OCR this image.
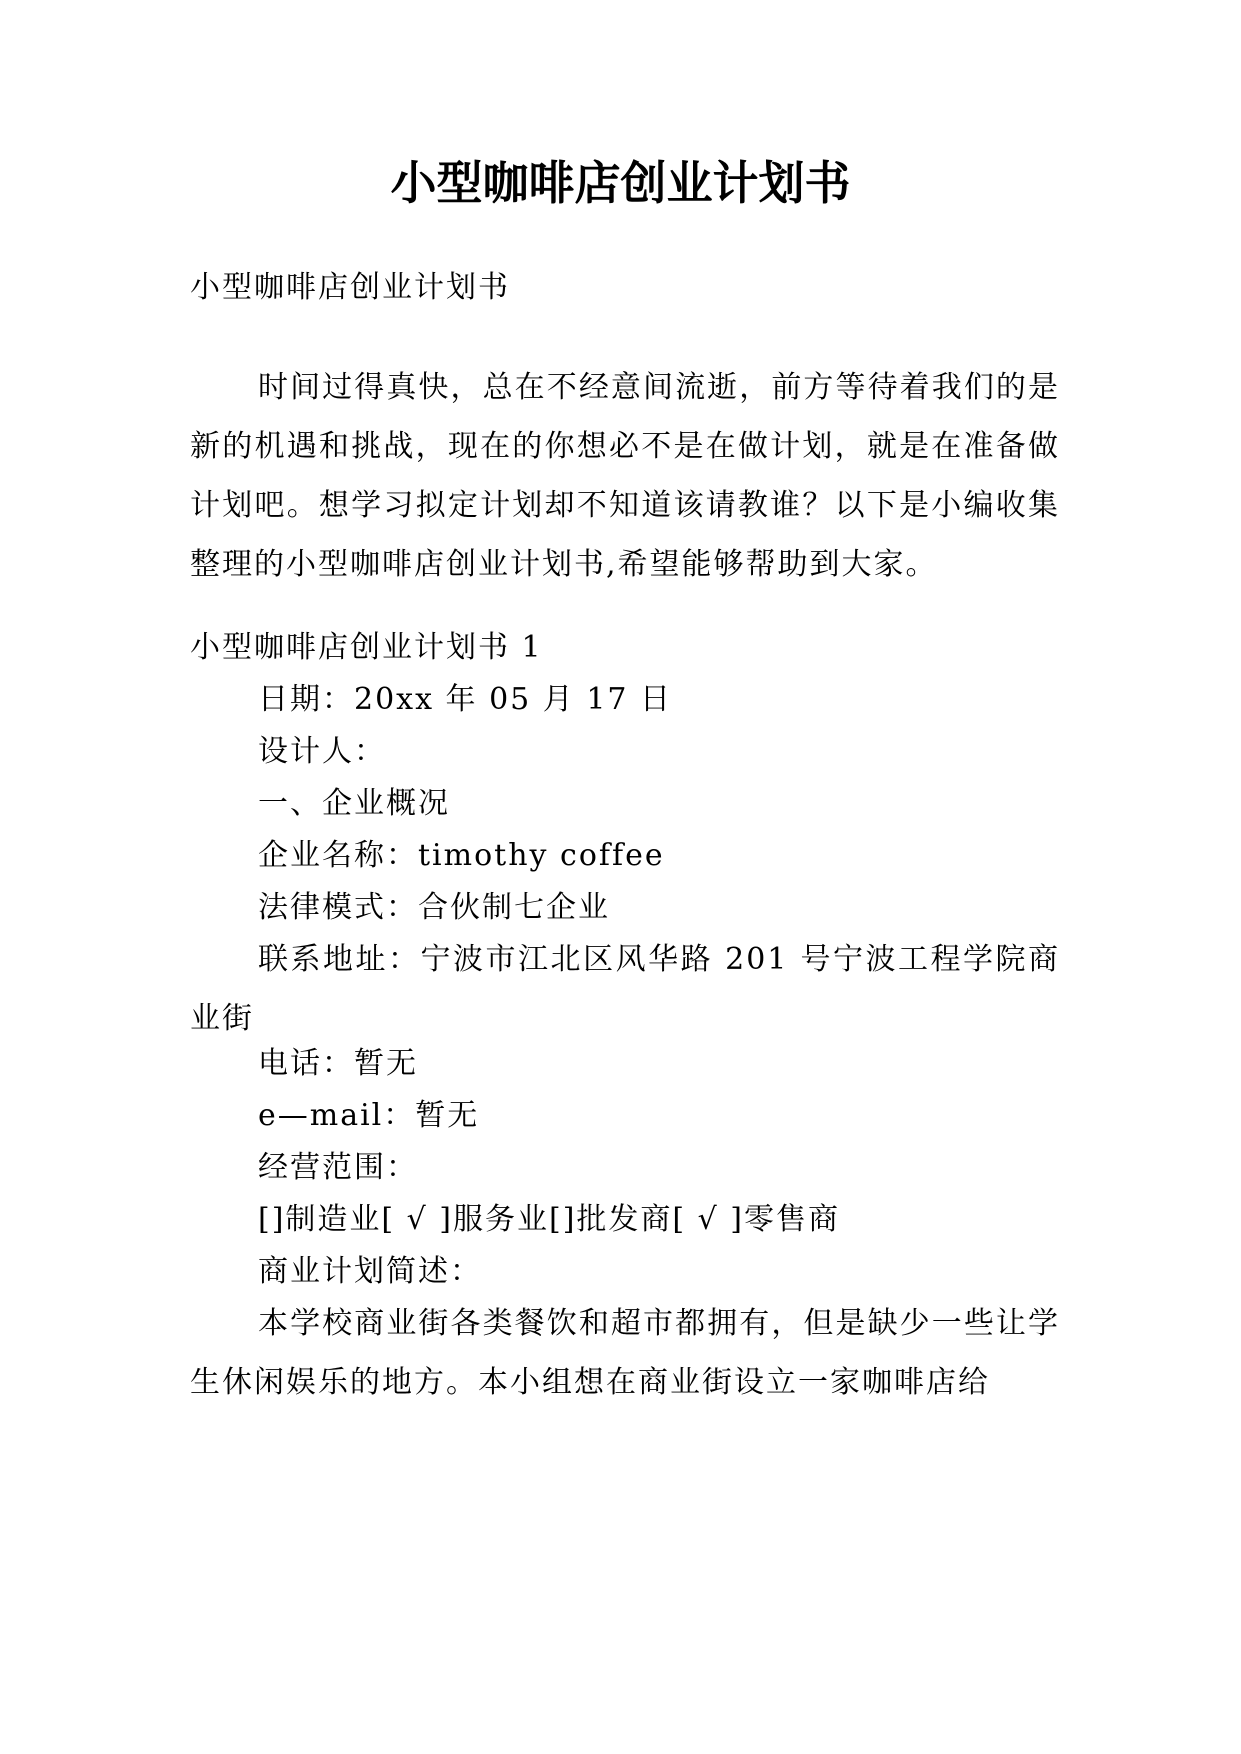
小型咖啡店创业计划书

小型咖啡店创业计划书

时间过得真快，总在不经意间流逝，前方等待着我们的是新的机遇和挑战，现在的你想必不是在做计划，就是在准备做计划吧。想学习拟定计划却不知道该请教谁？以下是小编收集整理的小型咖啡店创业计划书,希望能够帮助到大家。

小型咖啡店创业计划书 1

日期：20xx 年 05 月 17 日

设计人：

一、企业概况

企业名称：timothy coffee

法律模式：合伙制七企业

联系地址：宁波市江北区风华路 201 号宁波工程学院商业街

电话：暂无

e—mail：暂无

经营范围：

[]制造业[ √ ]服务业[]批发商[ √ ]零售商

商业计划简述：

本学校商业街各类餐饮和超市都拥有，但是缺少一些让学生休闲娱乐的地方。本小组想在商业街设立一家咖啡店给
